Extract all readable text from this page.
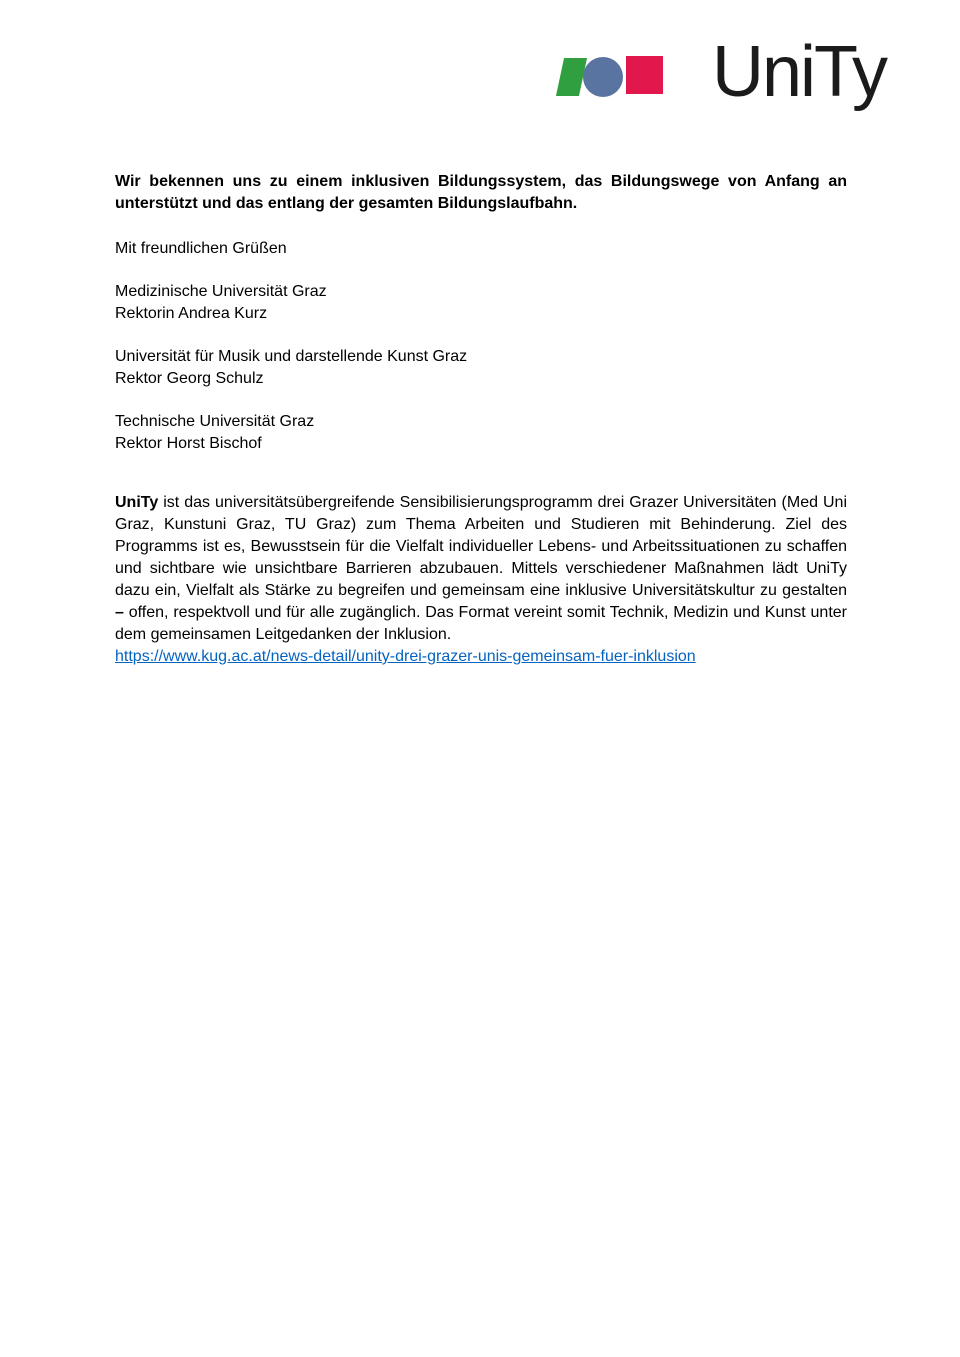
UniTy

Wir bekennen uns zu einem inklusiven Bildungssystem, das Bildungswege von Anfang an unterstützt und das entlang der gesamten Bildungslaufbahn.

Mit freundlichen Grüßen

Medizinische Universität Graz
Rektorin Andrea Kurz
Universität für Musik und darstellende Kunst Graz
Rektor Georg Schulz
Technische Universität Graz
Rektor Horst Bischof
UniTy ist das universitätsübergreifende Sensibilisierungsprogramm drei Grazer Universitäten (Med Uni Graz, Kunstuni Graz, TU Graz) zum Thema Arbeiten und Studieren mit Behinderung. Ziel des Programms ist es, Bewusstsein für die Vielfalt individueller Lebens- und Arbeitssituationen zu schaffen und sichtbare wie unsichtbare Barrieren abzubauen. Mittels verschiedener Maßnahmen lädt UniTy dazu ein, Vielfalt als Stärke zu begreifen und gemeinsam eine inklusive Universitätskultur zu gestalten – offen, respektvoll und für alle zugänglich. Das Format vereint somit Technik, Medizin und Kunst unter dem gemeinsamen Leitgedanken der Inklusion.
https://www.kug.ac.at/news-detail/unity-drei-grazer-unis-gemeinsam-fuer-inklusion
